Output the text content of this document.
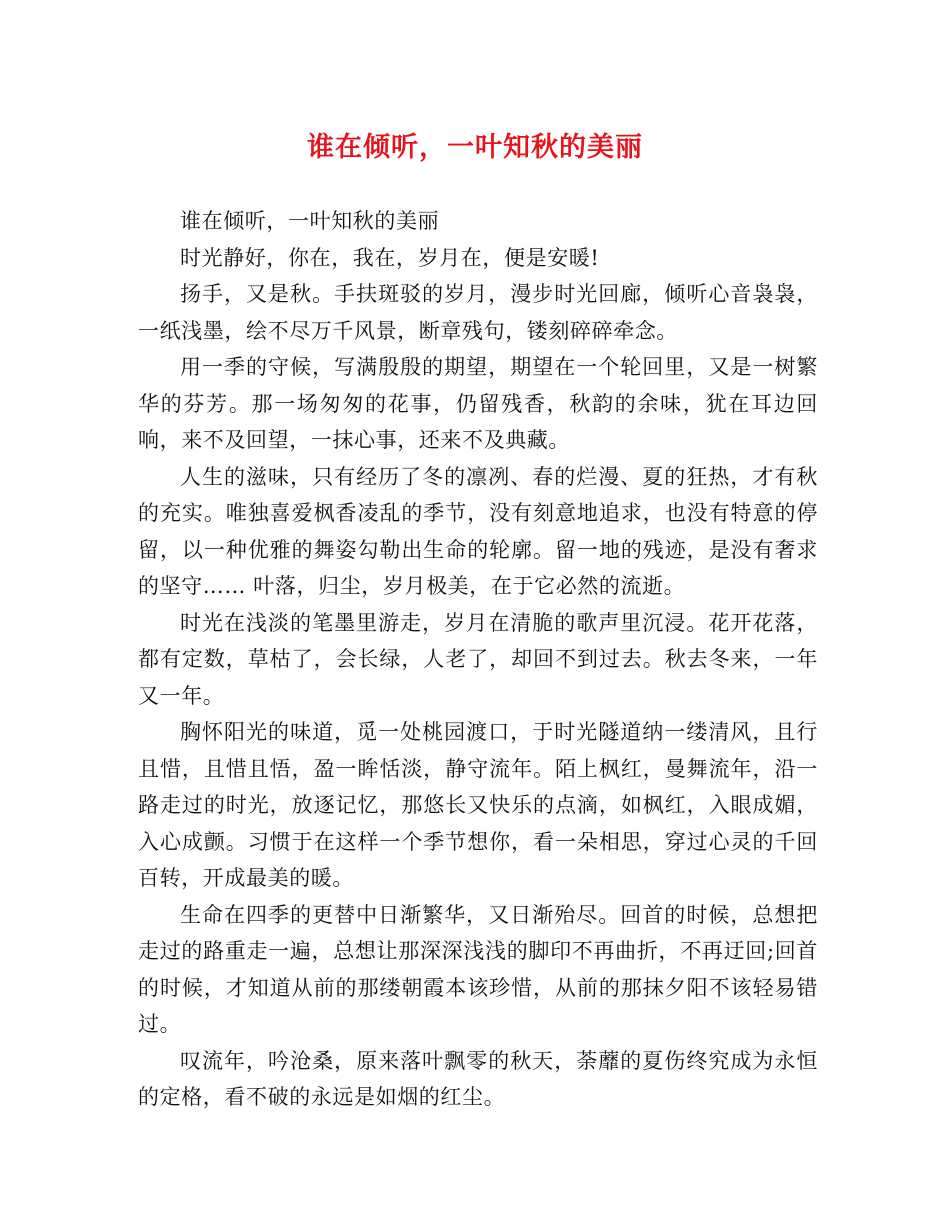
谁在倾听，一叶知秋的美丽

谁在倾听，一叶知秋的美丽

时光静好，你在，我在，岁月在，便是安暖!

扬手，又是秋。手扶斑驳的岁月，漫步时光回廊，倾听心音袅袅，一纸浅墨，绘不尽万千风景，断章残句，镂刻碎碎牵念。

用一季的守候，写满殷殷的期望，期望在一个轮回里，又是一树繁华的芬芳。那一场匆匆的花事，仍留残香，秋韵的余味，犹在耳边回响，来不及回望，一抹心事，还来不及典藏。

人生的滋味，只有经历了冬的凛冽、春的烂漫、夏的狂热，才有秋的充实。唯独喜爱枫香凌乱的季节，没有刻意地追求，也没有特意的停留，以一种优雅的舞姿勾勒出生命的轮廓。留一地的残迹，是没有奢求的坚守…… 叶落，归尘，岁月极美，在于它必然的流逝。

时光在浅淡的笔墨里游走，岁月在清脆的歌声里沉浸。花开花落，都有定数，草枯了，会长绿，人老了，却回不到过去。秋去冬来，一年又一年。

胸怀阳光的味道，觅一处桃园渡口，于时光隧道纳一缕清风，且行且惜，且惜且悟，盈一眸恬淡，静守流年。陌上枫红，曼舞流年，沿一路走过的时光，放逐记忆，那悠长又快乐的点滴，如枫红，入眼成媚，入心成颤。习惯于在这样一个季节想你，看一朵相思，穿过心灵的千回百转，开成最美的暖。

生命在四季的更替中日渐繁华，又日渐殆尽。回首的时候，总想把走过的路重走一遍，总想让那深深浅浅的脚印不再曲折，不再迂回;回首的时候，才知道从前的那缕朝霞本该珍惜，从前的那抹夕阳不该轻易错过。

叹流年，吟沧桑，原来落叶飘零的秋天，荼蘼的夏伤终究成为永恒的定格，看不破的永远是如烟的红尘。
